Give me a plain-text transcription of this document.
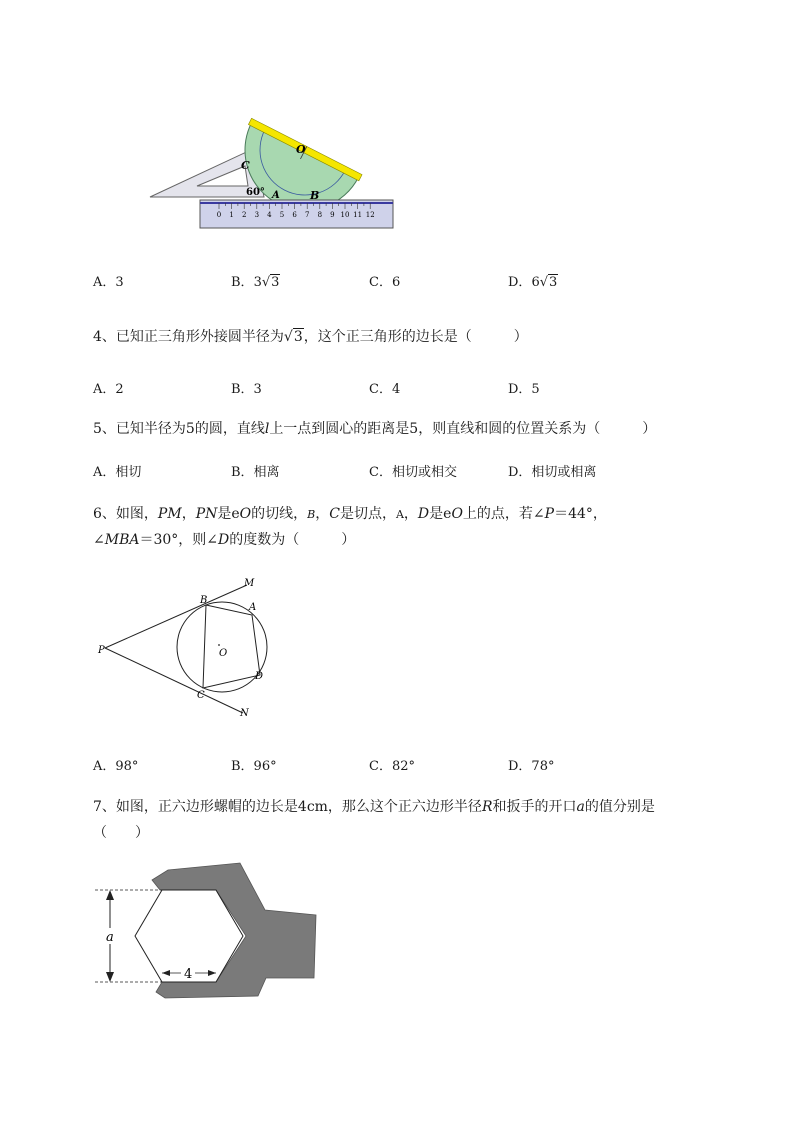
0 1 2 3 4 5 6 7 8 9 10 11 12
O
C
60° A	B
A．3	B．3√3	C．6	D．6√3
4、已知正三角形外接圆半径为√3，这个正三角形的边长是（　　　）
A．2	B．3	C．4	D．5
5、已知半径为5的圆，直线l上一点到圆心的距离是5，则直线和圆的位置关系为（　　　）
A．相切	B．相离	C．相切或相交	D．相切或相离
6、如图，PM，PN是eO的切线，B，C是切点，A，D是eO上的点，若∠P＝44°，
∠MBA＝30°，则∠D的度数为（　　　）
P
B
A
M
O
D
C
N
A．98°	B．96°	C．82°	D．78°
7、如图，正六边形螺帽的边长是4cm，那么这个正六边形半径R和扳手的开口a的值分别是
（　　）
a
4
